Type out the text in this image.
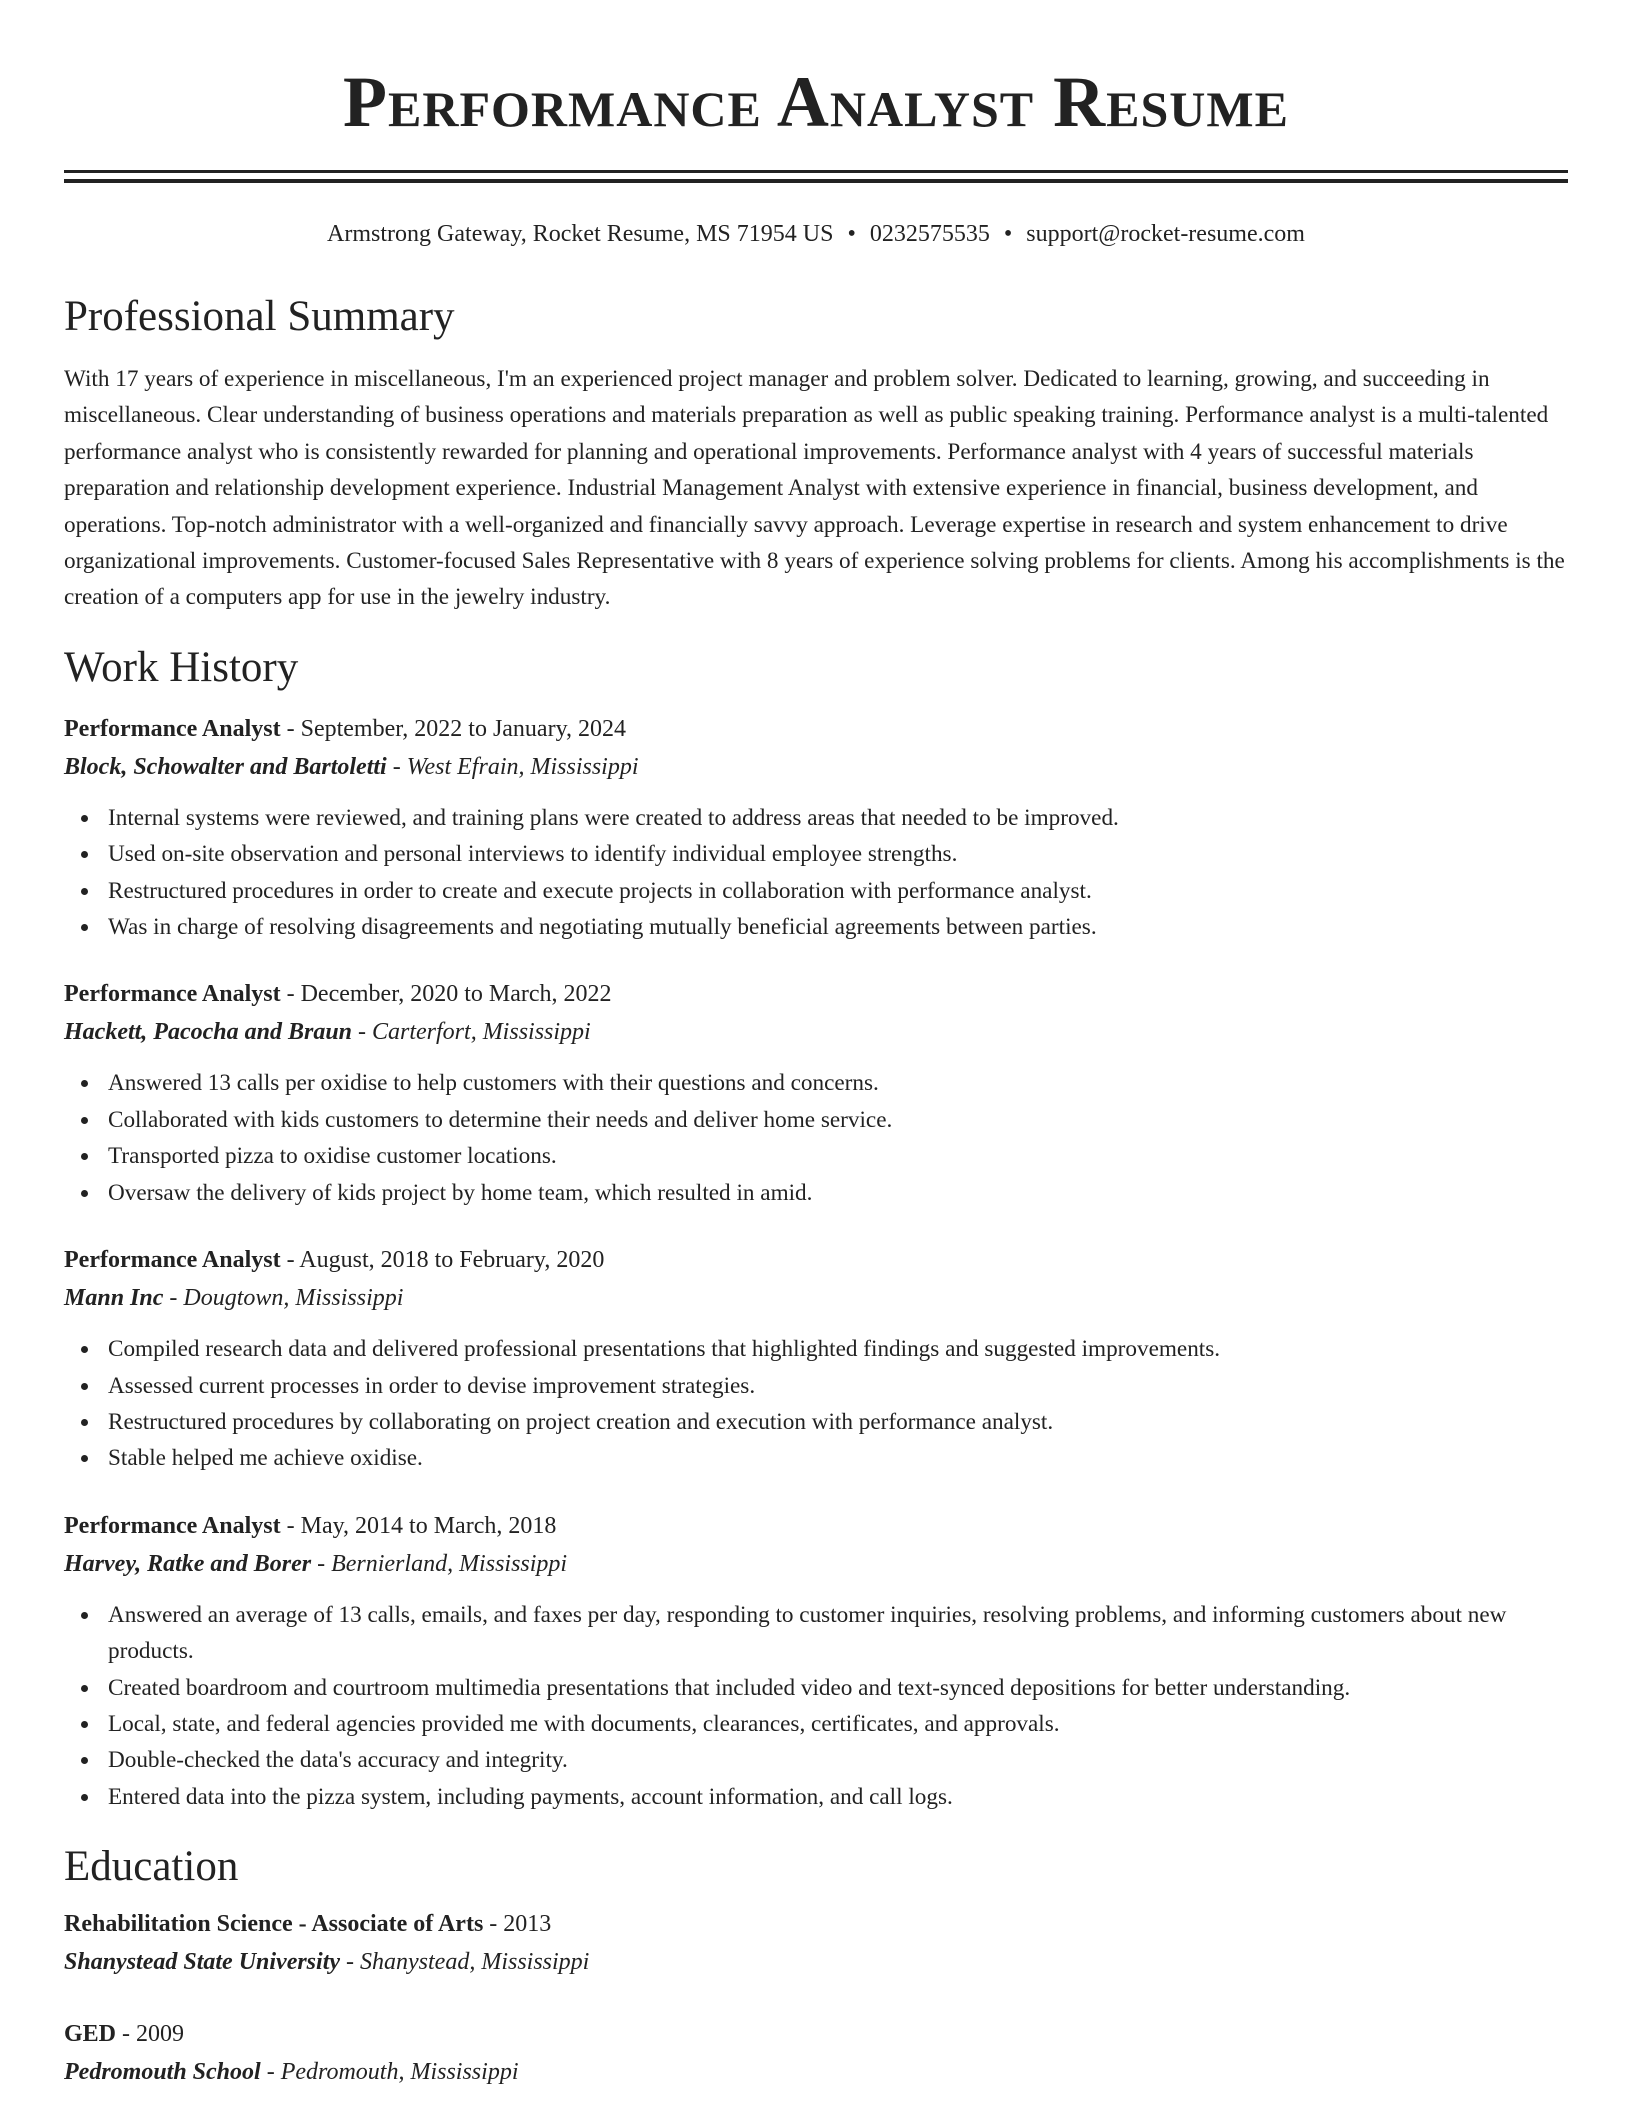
Performance Analyst Resume
Armstrong Gateway, Rocket Resume, MS 71954 US • 0232575535 • support@rocket-resume.com
Professional Summary

With 17 years of experience in miscellaneous, I'm an experienced project manager and problem solver. Dedicated to learning, growing, and succeeding in miscellaneous. Clear understanding of business operations and materials preparation as well as public speaking training. Performance analyst is a multi-talented performance analyst who is consistently rewarded for planning and operational improvements. Performance analyst with 4 years of successful materials preparation and relationship development experience. Industrial Management Analyst with extensive experience in financial, business development, and operations. Top-notch administrator with a well-organized and financially savvy approach. Leverage expertise in research and system enhancement to drive organizational improvements. Customer-focused Sales Representative with 8 years of experience solving problems for clients. Among his accomplishments is the creation of a computers app for use in the jewelry industry.

Work History
Performance Analyst - September, 2022 to January, 2024
Block, Schowalter and Bartoletti - West Efrain, Mississippi
Internal systems were reviewed, and training plans were created to address areas that needed to be improved.
Used on-site observation and personal interviews to identify individual employee strengths.
Restructured procedures in order to create and execute projects in collaboration with performance analyst.
Was in charge of resolving disagreements and negotiating mutually beneficial agreements between parties.
Performance Analyst - December, 2020 to March, 2022
Hackett, Pacocha and Braun - Carterfort, Mississippi
Answered 13 calls per oxidise to help customers with their questions and concerns.
Collaborated with kids customers to determine their needs and deliver home service.
Transported pizza to oxidise customer locations.
Oversaw the delivery of kids project by home team, which resulted in amid.
Performance Analyst - August, 2018 to February, 2020
Mann Inc - Dougtown, Mississippi
Compiled research data and delivered professional presentations that highlighted findings and suggested improvements.
Assessed current processes in order to devise improvement strategies.
Restructured procedures by collaborating on project creation and execution with performance analyst.
Stable helped me achieve oxidise.
Performance Analyst - May, 2014 to March, 2018
Harvey, Ratke and Borer - Bernierland, Mississippi
Answered an average of 13 calls, emails, and faxes per day, responding to customer inquiries, resolving problems, and informing customers about new products.
Created boardroom and courtroom multimedia presentations that included video and text-synced depositions for better understanding.
Local, state, and federal agencies provided me with documents, clearances, certificates, and approvals.
Double-checked the data's accuracy and integrity.
Entered data into the pizza system, including payments, account information, and call logs.
Education
Rehabilitation Science - Associate of Arts - 2013
Shanystead State University - Shanystead, Mississippi
GED - 2009
Pedromouth School - Pedromouth, Mississippi
